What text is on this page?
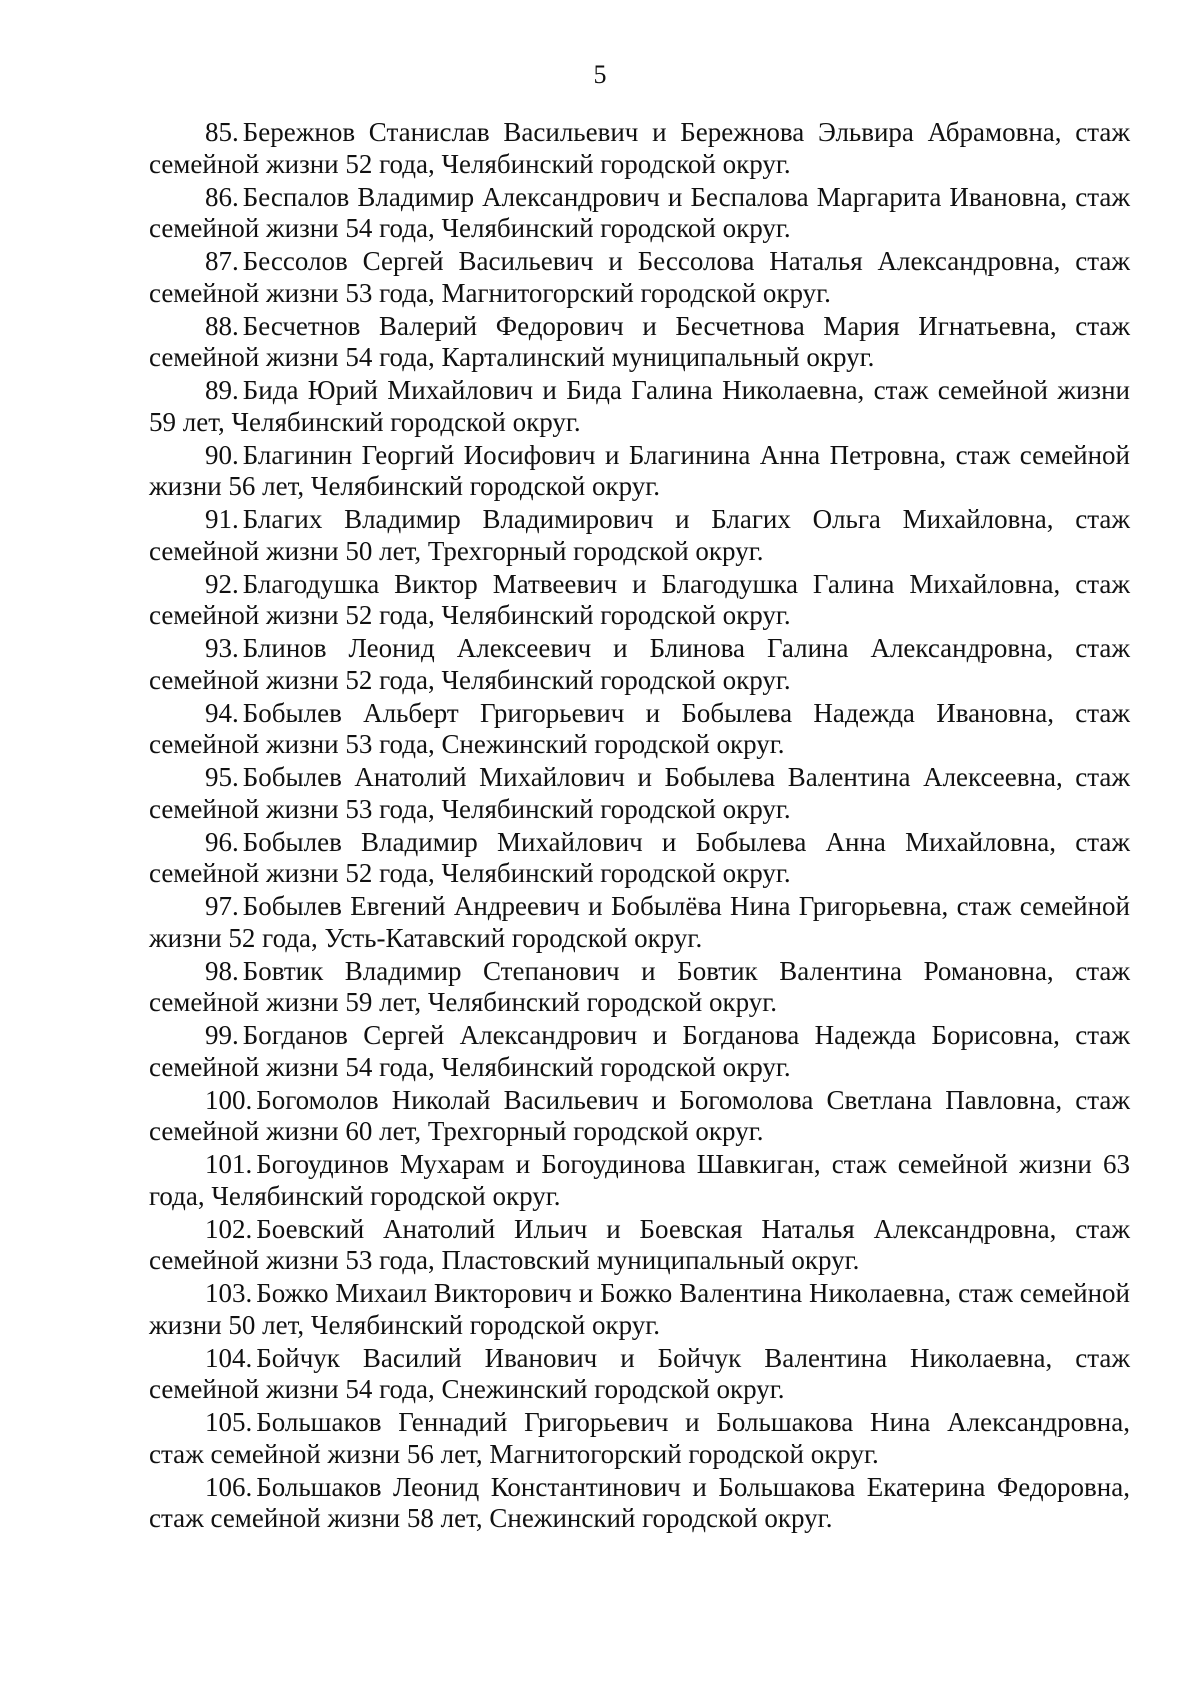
5

85. Бережнов Станислав Васильевич и Бережнова Эльвира Абрамовна, стаж семейной жизни 52 года, Челябинский городской округ.

86. Беспалов Владимир Александрович и Беспалова Маргарита Ивановна, стаж семейной жизни 54 года, Челябинский городской округ.

87. Бессолов Сергей Васильевич и Бессолова Наталья Александровна, стаж семейной жизни 53 года, Магнитогорский городской округ.

88. Бесчетнов Валерий Федорович и Бесчетнова Мария Игнатьевна, стаж семейной жизни 54 года, Карталинский муниципальный округ.

89. Бида Юрий Михайлович и Бида Галина Николаевна, стаж семейной жизни 59 лет, Челябинский городской округ.

90. Благинин Георгий Иосифович и Благинина Анна Петровна, стаж семейной жизни 56 лет, Челябинский городской округ.

91. Благих Владимир Владимирович и Благих Ольга Михайловна, стаж семейной жизни 50 лет, Трехгорный городской округ.

92. Благодушка Виктор Матвеевич и Благодушка Галина Михайловна, стаж семейной жизни 52 года, Челябинский городской округ.

93. Блинов Леонид Алексеевич и Блинова Галина Александровна, стаж семейной жизни 52 года, Челябинский городской округ.

94. Бобылев Альберт Григорьевич и Бобылева Надежда Ивановна, стаж семейной жизни 53 года, Снежинский городской округ.

95. Бобылев Анатолий Михайлович и Бобылева Валентина Алексеевна, стаж семейной жизни 53 года, Челябинский городской округ.

96. Бобылев Владимир Михайлович и Бобылева Анна Михайловна, стаж семейной жизни 52 года, Челябинский городской округ.

97. Бобылев Евгений Андреевич и Бобылёва Нина Григорьевна, стаж семейной жизни 52 года, Усть-Катавский городской округ.

98. Бовтик Владимир Степанович и Бовтик Валентина Романовна, стаж семейной жизни 59 лет, Челябинский городской округ.

99. Богданов Сергей Александрович и Богданова Надежда Борисовна, стаж семейной жизни 54 года, Челябинский городской округ.

100. Богомолов Николай Васильевич и Богомолова Светлана Павловна, стаж семейной жизни 60 лет, Трехгорный городской округ.

101. Богоудинов Мухарам и Богоудинова Шавкиган, стаж семейной жизни 63 года, Челябинский городской округ.

102. Боевский Анатолий Ильич и Боевская Наталья Александровна, стаж семейной жизни 53 года, Пластовский муниципальный округ.

103. Божко Михаил Викторович и Божко Валентина Николаевна, стаж семейной жизни 50 лет, Челябинский городской округ.

104. Бойчук Василий Иванович и Бойчук Валентина Николаевна, стаж семейной жизни 54 года, Снежинский городской округ.

105. Большаков Геннадий Григорьевич и Большакова Нина Александровна, стаж семейной жизни 56 лет, Магнитогорский городской округ.

106. Большаков Леонид Константинович и Большакова Екатерина Федоровна, стаж семейной жизни 58 лет, Снежинский городской округ.
